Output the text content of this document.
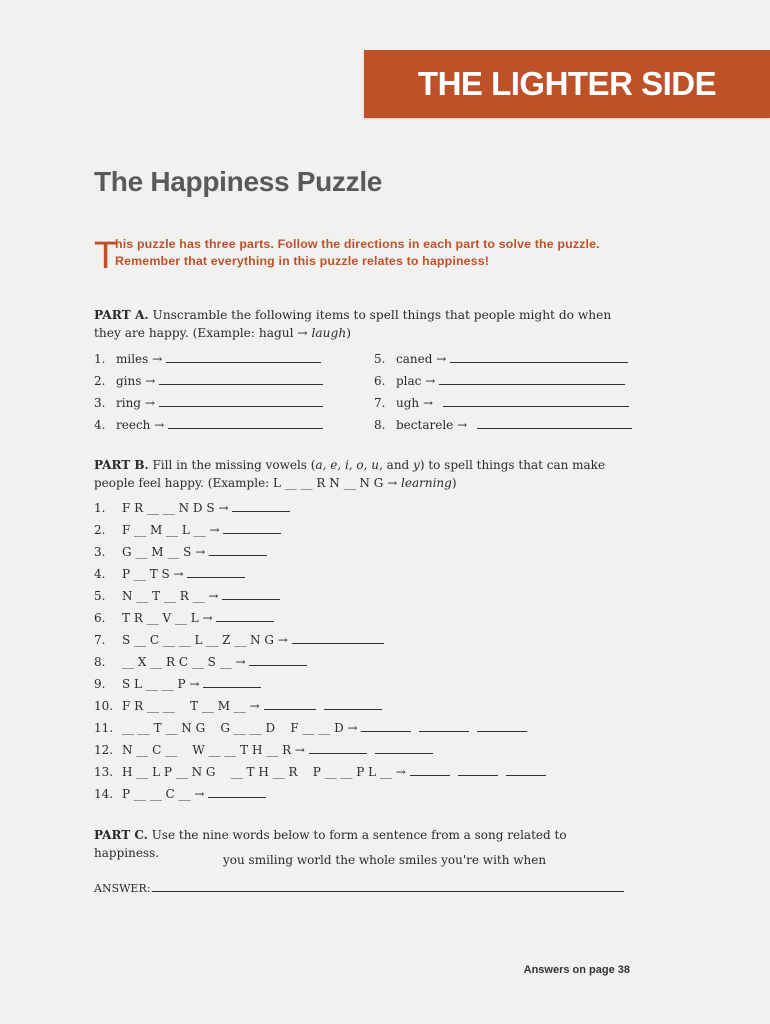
THE LIGHTER SIDE
The Happiness Puzzle
T
his puzzle has three parts. Follow the directions in each part to solve the puzzle. Remember that everything in this puzzle relates to happiness!
PART A. Unscramble the following items to spell things that people might do when they are happy. (Example: hagul → laugh)
1. miles →
2. gins →
3. ring →
4. reech →
5. caned →
6. plac →
7. ugh →
8. bectarele →
PART B. Fill in the missing vowels (a, e, i, o, u, and y) to spell things that can make people feel happy. (Example: L __ __ R N __ N G → learning)
1. F R __ __ N D S →
2. F __ M __ L __ →
3. G __ M __ S →
4. P __ T S →
5. N __ T __ R __ →
6. T R __ V __ L →
7. S __ C __ __ L __ Z __ N G →
8. __ X __ R C __ S __ →
9. S L __ __ P →
10. F R __ __    T __ M __ →
11. __ __ T __ N G    G __ __ D    F __ __ D →
12. N __ C __    W __ __ T H __ R →
13. H __ L P __ N G    __ T H __ R    P __ __ P L __ →
14. P __ __ C __ →
PART C. Use the nine words below to form a sentence from a song related to happiness.	you smiling world the whole smiles you're with when
ANSWER:
Answers on page 38
